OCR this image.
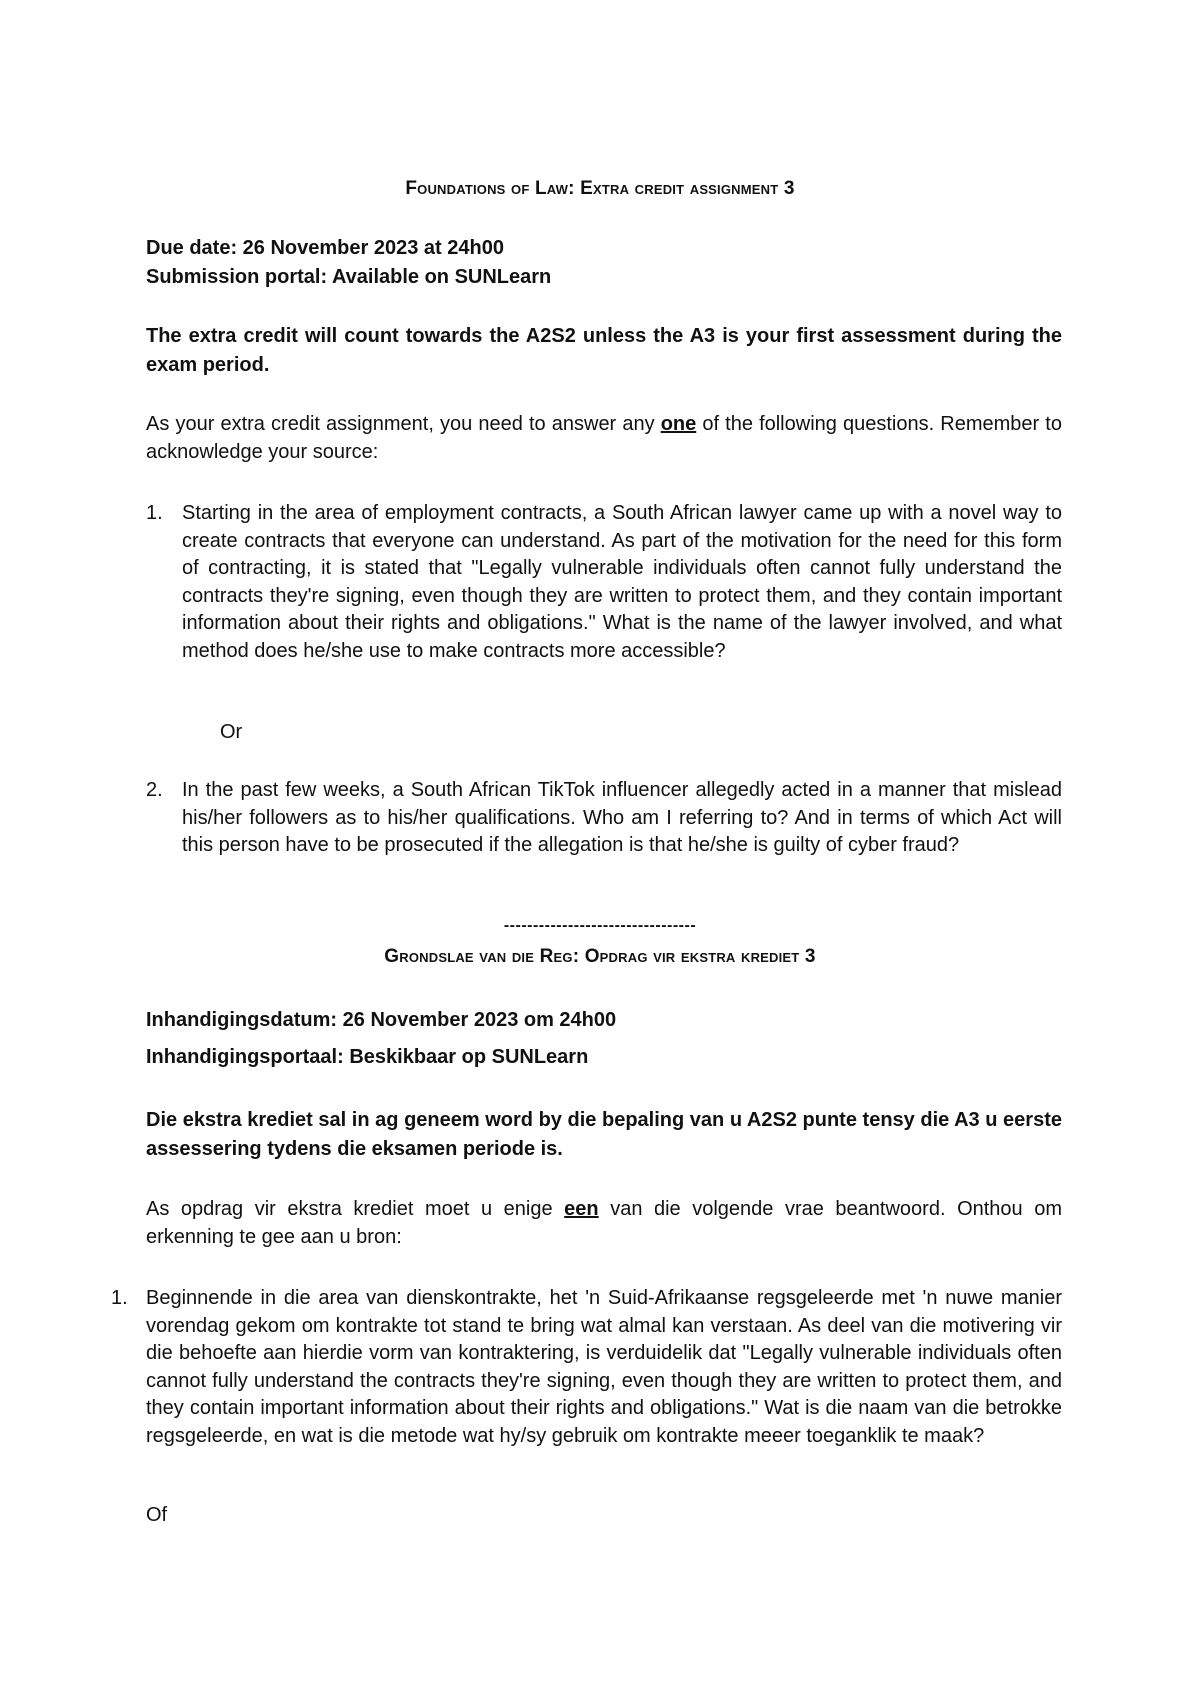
Foundations of Law: Extra credit assignment 3
Due date: 26 November 2023 at 24h00
Submission portal: Available on SUNLearn
The extra credit will count towards the A2S2 unless the A3 is your first assessment during the exam period.
As your extra credit assignment, you need to answer any one of the following questions. Remember to acknowledge your source:
1. Starting in the area of employment contracts, a South African lawyer came up with a novel way to create contracts that everyone can understand. As part of the motivation for the need for this form of contracting, it is stated that "Legally vulnerable individuals often cannot fully understand the contracts they're signing, even though they are written to protect them, and they contain important information about their rights and obligations." What is the name of the lawyer involved, and what method does he/she use to make contracts more accessible?
Or
2. In the past few weeks, a South African TikTok influencer allegedly acted in a manner that mislead his/her followers as to his/her qualifications. Who am I referring to? And in terms of which Act will this person have to be prosecuted if the allegation is that he/she is guilty of cyber fraud?
---------------------------------
Grondslae van die Reg: Opdrag vir ekstra krediet 3
Inhandigingsdatum: 26 November 2023 om 24h00
Inhandigingsportaal: Beskikbaar op SUNLearn
Die ekstra krediet sal in ag geneem word by die bepaling van u A2S2 punte tensy die A3 u eerste assessering tydens die eksamen periode is.
As opdrag vir ekstra krediet moet u enige een van die volgende vrae beantwoord. Onthou om erkenning te gee aan u bron:
1. Beginnende in die area van dienskontrakte, het 'n Suid-Afrikaanse regsgeleerde met 'n nuwe manier vorendag gekom om kontrakte tot stand te bring wat almal kan verstaan. As deel van die motivering vir die behoefte aan hierdie vorm van kontraktering, is verduidelik dat "Legally vulnerable individuals often cannot fully understand the contracts they're signing, even though they are written to protect them, and they contain important information about their rights and obligations." Wat is die naam van die betrokke regsgeleerde, en wat is die metode wat hy/sy gebruik om kontrakte meeer toeganklik te maak?
Of
